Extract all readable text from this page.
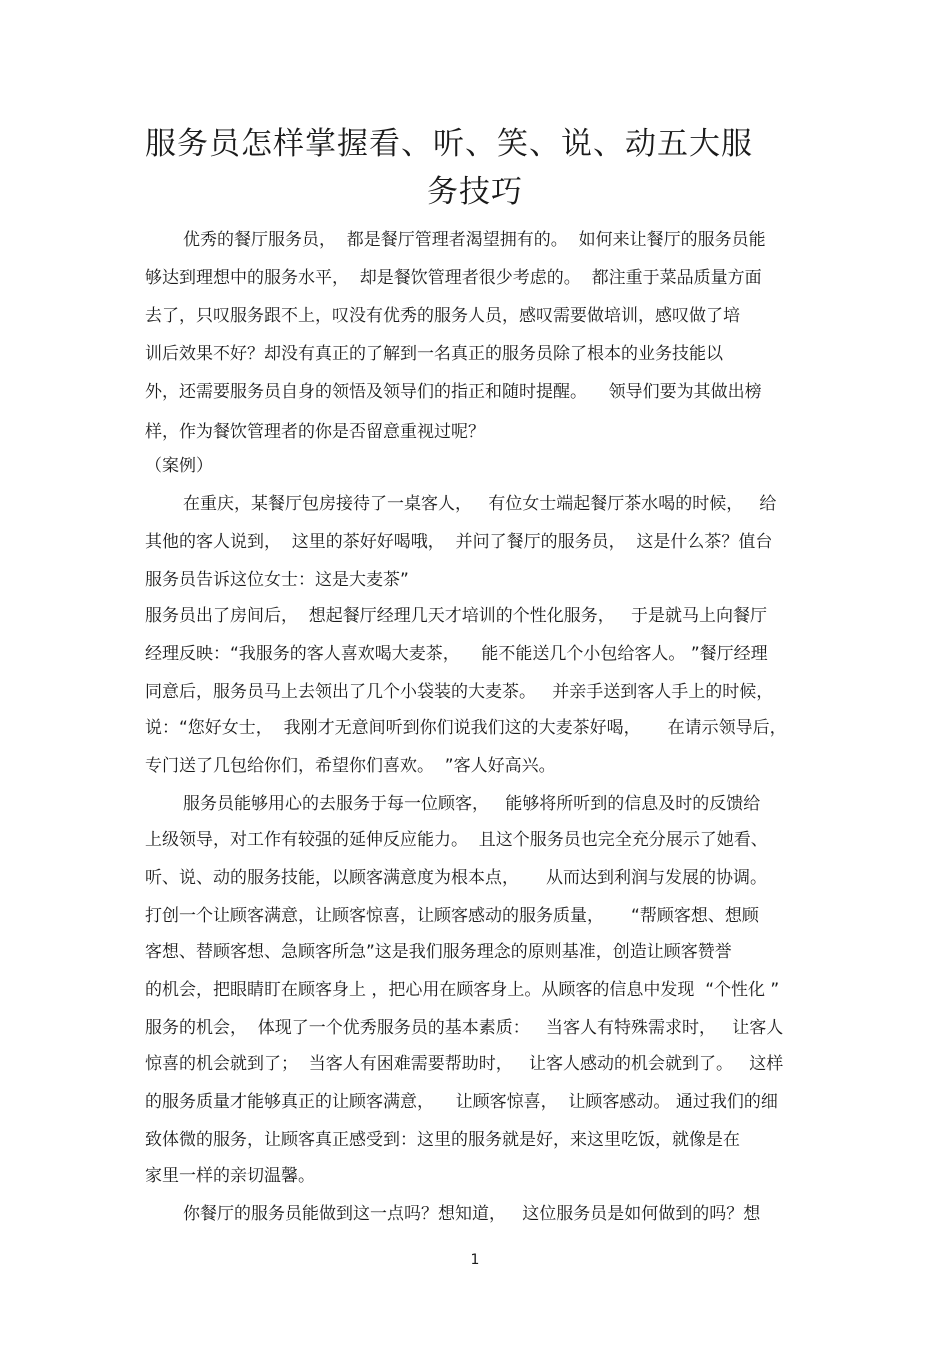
服务员怎样掌握看、听、笑、说、动五大服
务技巧

优秀的餐厅服务员，  都是餐厅管理者渴望拥有的。  如何来让餐厅的服务员能

够达到理想中的服务水平，  却是餐饮管理者很少考虑的。  都注重于菜品质量方面

去了，只叹服务跟不上，叹没有优秀的服务人员，感叹需要做培训，感叹做了培

训后效果不好？却没有真正的了解到一名真正的服务员除了根本的业务技能以

外，还需要服务员自身的领悟及领导们的指正和随时提醒。    领导们要为其做出榜

样，作为餐饮管理者的你是否留意重视过呢？

（案例）

在重庆，某餐厅包房接待了一桌客人，   有位女士端起餐厅茶水喝的时候，   给

其他的客人说到，  这里的茶好好喝哦，  并问了餐厅的服务员，  这是什么茶？值台

服务员告诉这位女士：这是大麦茶”

服务员出了房间后，  想起餐厅经理几天才培训的个性化服务，   于是就马上向餐厅

经理反映：“我服务的客人喜欢喝大麦茶，    能不能送几个小包给客人。 ”餐厅经理

同意后，服务员马上去领出了几个小袋装的大麦茶。   并亲手送到客人手上的时候，

说：“您好女士，  我刚才无意间听到你们说我们这的大麦茶好喝，     在请示领导后，

专门送了几包给你们，希望你们喜欢。  ”客人好高兴。

服务员能够用心的去服务于每一位顾客，   能够将所听到的信息及时的反馈给

上级领导，对工作有较强的延伸反应能力。  且这个服务员也完全充分展示了她看、

听、说、动的服务技能，以顾客满意度为根本点，     从而达到利润与发展的协调。

打创一个让顾客满意，让顾客惊喜，让顾客感动的服务质量，     “帮顾客想、想顾

客想、替顾客想、急顾客所急”这是我们服务理念的原则基准，创造让顾客赞誉

的机会，把眼睛盯在顾客身上 ，把心用在顾客身上。从顾客的信息中发现  “个性化 ”

服务的机会，  体现了一个优秀服务员的基本素质：   当客人有特殊需求时，   让客人

惊喜的机会就到了；  当客人有困难需要帮助时，   让客人感动的机会就到了。   这样

的服务质量才能够真正的让顾客满意，    让顾客惊喜，  让顾客感动。 通过我们的细

致体微的服务，让顾客真正感受到：这里的服务就是好，来这里吃饭，就像是在

家里一样的亲切温馨。

你餐厅的服务员能做到这一点吗？想知道，   这位服务员是如何做到的吗？想

1
